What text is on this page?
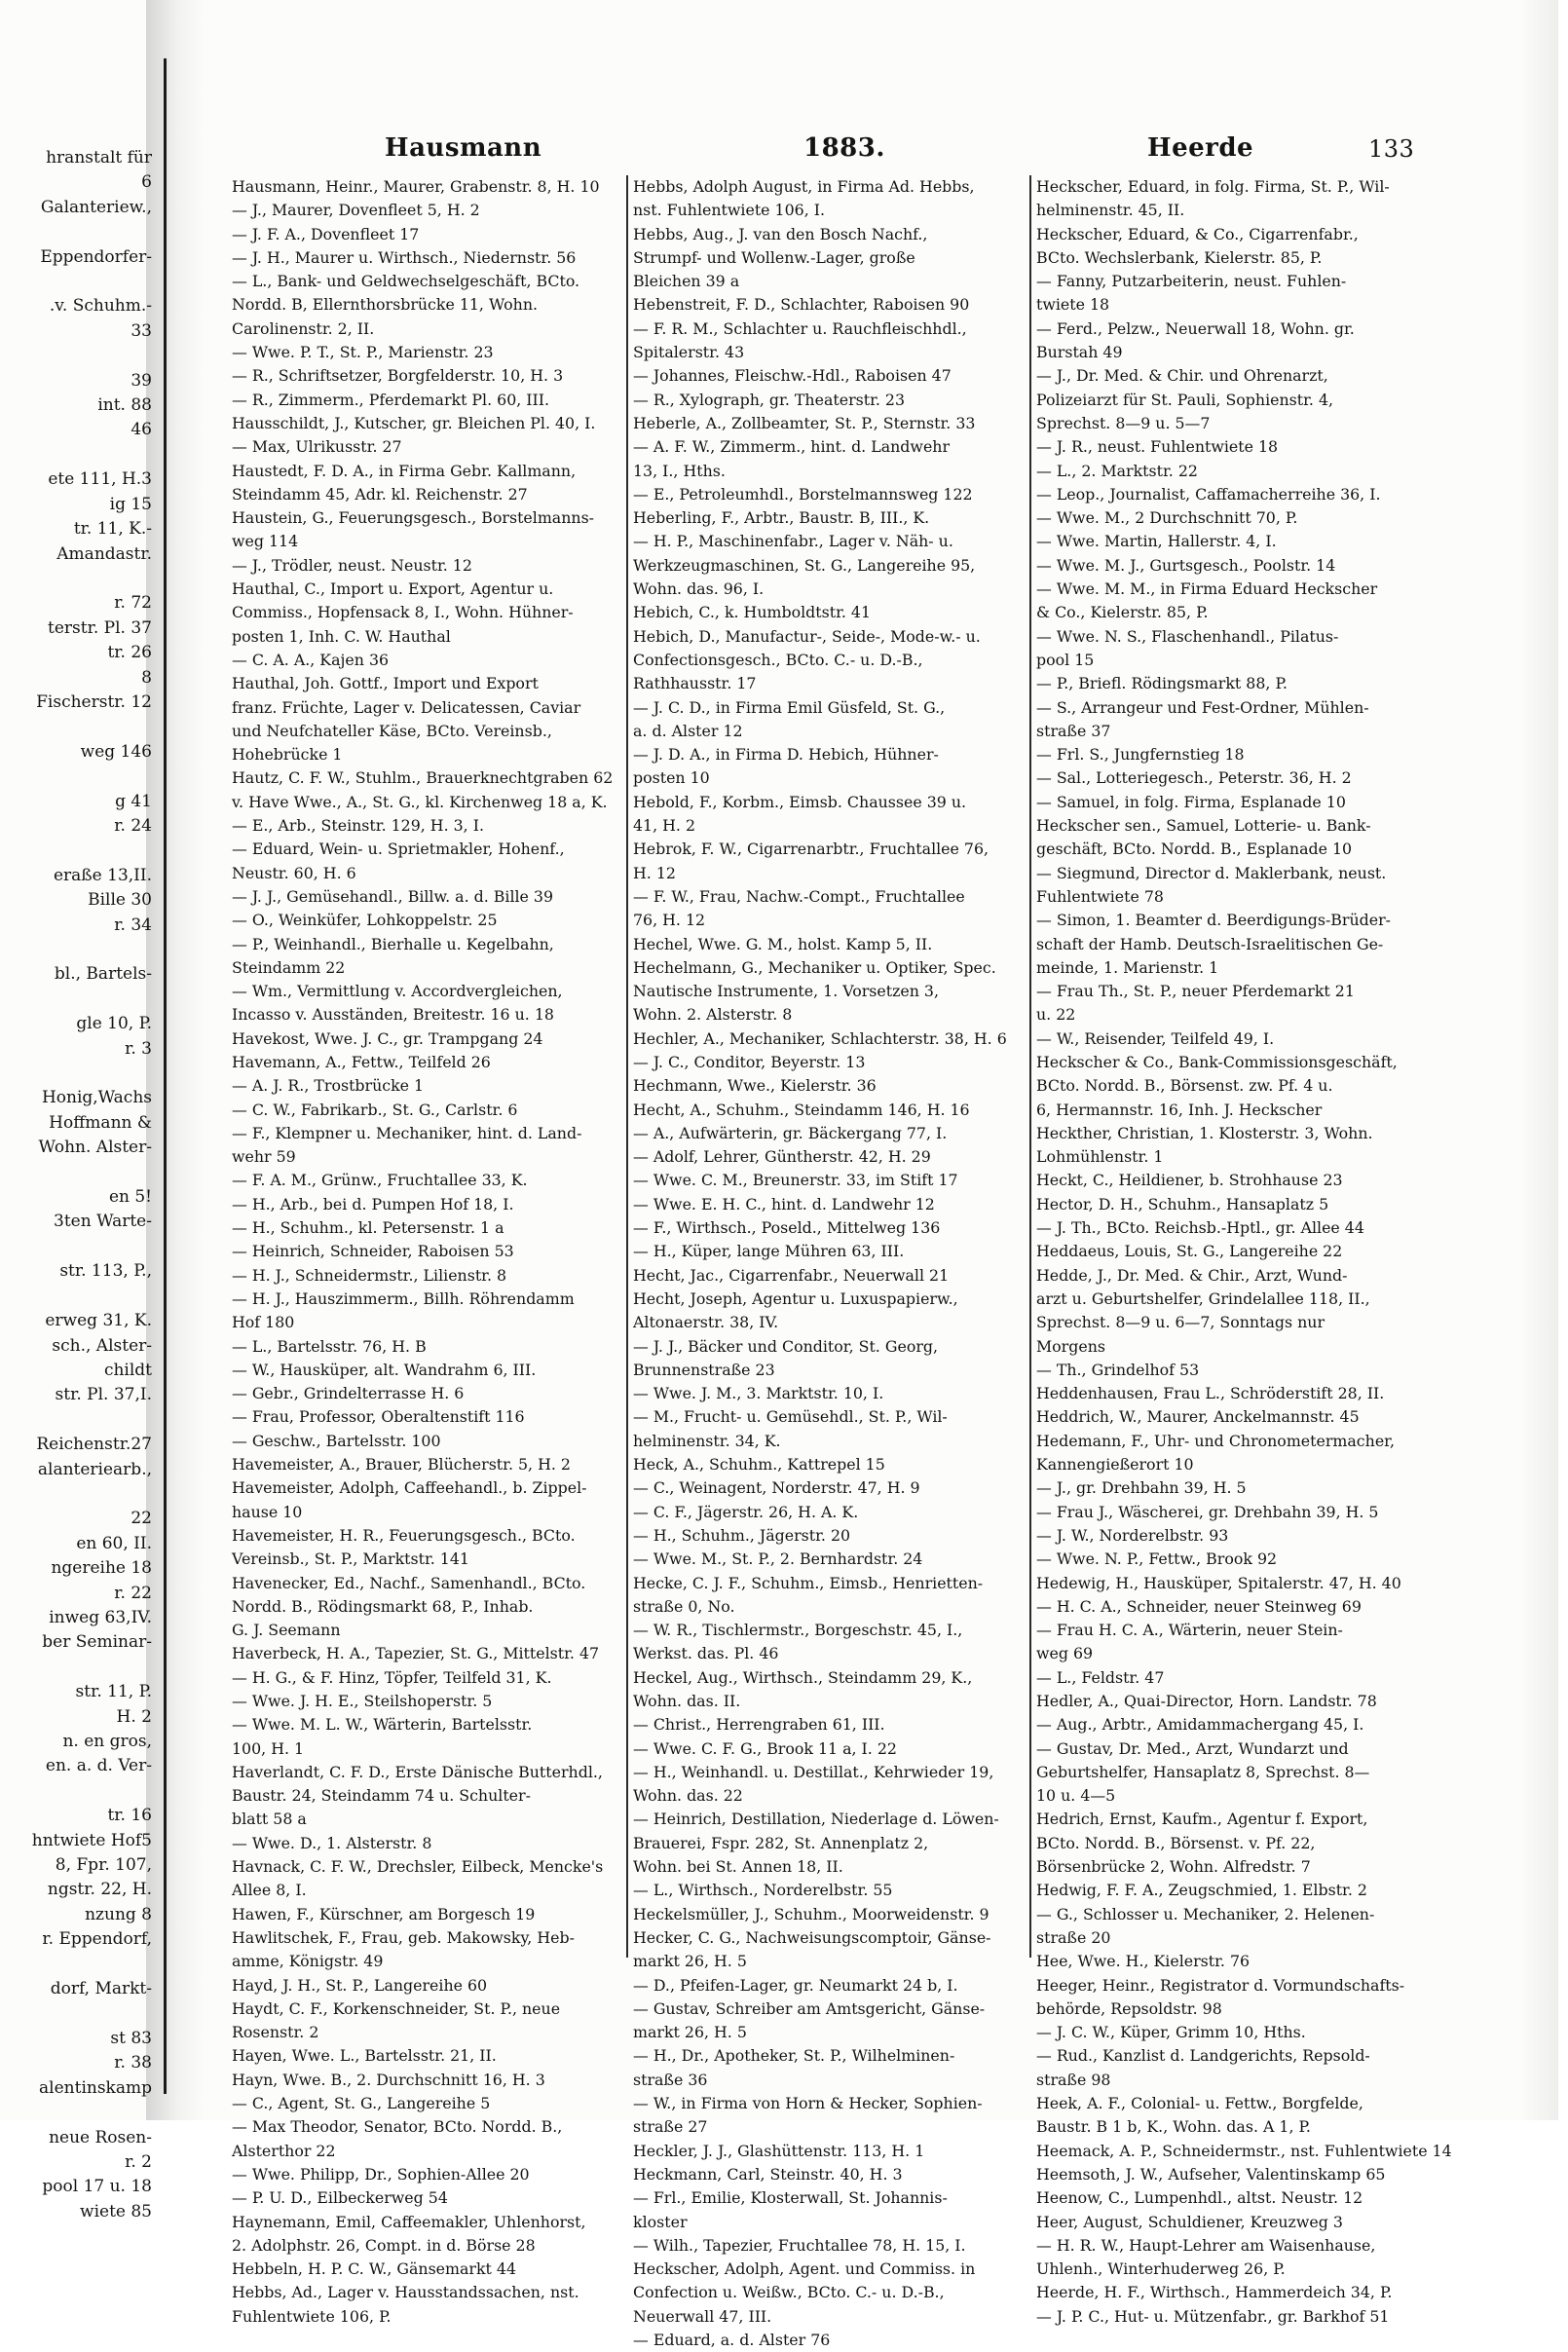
hranstalt für
6
Galanteriew.,

Eppendorfer-

.v. Schuhm.-
33

39
int. 88
46

ete 111, H.3
ig 15
tr. 11, K.-
Amandastr.

r. 72
terstr. Pl. 37
tr. 26
8
Fischerstr. 12

weg 146

g 41
r. 24

eraße 13,II.
Bille 30
r. 34

bl., Bartels-

gle 10, P.
r. 3

Honig,Wachs
Hoffmann &
Wohn. Alster-

en 5!
3ten Warte-

str. 113, P.,

erweg 31, K.
sch., Alster-
childt
str. Pl. 37,I.

Reichenstr.27
alanteriearb.,

22
en 60, II.
ngereihe 18
r. 22
inweg 63,IV.
ber Seminar-

str. 11, P.
H. 2
n. en gros,
en. a. d. Ver-

tr. 16
hntwiete Hof5
8, Fpr. 107,
ngstr. 22, H.
nzung 8
r. Eppendorf,

dorf, Markt-

st 83
r. 38
alentinskamp

neue Rosen-
r. 2
pool 17 u. 18
wiete 85
Hausmann	1883.	Heerde	133
Hausmann, Heinr., Maurer, Grabenstr. 8, H. 10
— J., Maurer, Dovenfleet 5, H. 2
— J. F. A., Dovenfleet 17
— J. H., Maurer u. Wirthsch., Niedernstr. 56
— L., Bank- und Geldwechselgeschäft, BCto.
Nordd. B, Ellernthorsbrücke 11, Wohn.
Carolinenstr. 2, II.
— Wwe. P. T., St. P., Marienstr. 23
— R., Schriftsetzer, Borgfelderstr. 10, H. 3
— R., Zimmerm., Pferdemarkt Pl. 60, III.
Hausschildt, J., Kutscher, gr. Bleichen Pl. 40, I.
— Max, Ulrikusstr. 27
Haustedt, F. D. A., in Firma Gebr. Kallmann,
Steindamm 45, Adr. kl. Reichenstr. 27
Haustein, G., Feuerungsgesch., Borstelmanns-
weg 114
— J., Trödler, neust. Neustr. 12
Hauthal, C., Import u. Export, Agentur u.
Commiss., Hopfensack 8, I., Wohn. Hühner-
posten 1, Inh. C. W. Hauthal
— C. A. A., Kajen 36
Hauthal, Joh. Gottf., Import und Export
franz. Früchte, Lager v. Delicatessen, Caviar
und Neufchateller Käse, BCto. Vereinsb.,
Hohebrücke 1
Hautz, C. F. W., Stuhlm., Brauerknechtgraben 62
v. Have Wwe., A., St. G., kl. Kirchenweg 18 a, K.
— E., Arb., Steinstr. 129, H. 3, I.
— Eduard, Wein- u. Sprietmakler, Hohenf.,
Neustr. 60, H. 6
— J. J., Gemüsehandl., Billw. a. d. Bille 39
— O., Weinküfer, Lohkoppelstr. 25
— P., Weinhandl., Bierhalle u. Kegelbahn,
Steindamm 22
— Wm., Vermittlung v. Accordvergleichen,
Incasso v. Ausständen, Breitestr. 16 u. 18
Havekost, Wwe. J. C., gr. Trampgang 24
Havemann, A., Fettw., Teilfeld 26
— A. J. R., Trostbrücke 1
— C. W., Fabrikarb., St. G., Carlstr. 6
— F., Klempner u. Mechaniker, hint. d. Land-
wehr 59
— F. A. M., Grünw., Fruchtallee 33, K.
— H., Arb., bei d. Pumpen Hof 18, I.
— H., Schuhm., kl. Petersenstr. 1 a
— Heinrich, Schneider, Raboisen 53
— H. J., Schneidermstr., Lilienstr. 8
— H. J., Hauszimmerm., Billh. Röhrendamm
Hof 180
— L., Bartelsstr. 76, H. B
— W., Hausküper, alt. Wandrahm 6, III.
— Gebr., Grindelterrasse H. 6
— Frau, Professor, Oberaltenstift 116
— Geschw., Bartelsstr. 100
Havemeister, A., Brauer, Blücherstr. 5, H. 2
Havemeister, Adolph, Caffeehandl., b. Zippel-
hause 10
Havemeister, H. R., Feuerungsgesch., BCto.
Vereinsb., St. P., Marktstr. 141
Havenecker, Ed., Nachf., Samenhandl., BCto.
Nordd. B., Rödingsmarkt 68, P., Inhab.
G. J. Seemann
Haverbeck, H. A., Tapezier, St. G., Mittelstr. 47
— H. G., & F. Hinz, Töpfer, Teilfeld 31, K.
— Wwe. J. H. E., Steilshoperstr. 5
— Wwe. M. L. W., Wärterin, Bartelsstr.
100, H. 1
Haverlandt, C. F. D., Erste Dänische Butterhdl.,
Baustr. 24, Steindamm 74 u. Schulter-
blatt 58 a
— Wwe. D., 1. Alsterstr. 8
Havnack, C. F. W., Drechsler, Eilbeck, Mencke's
Allee 8, I.
Hawen, F., Kürschner, am Borgesch 19
Hawlitschek, F., Frau, geb. Makowsky, Heb-
amme, Königstr. 49
Hayd, J. H., St. P., Langereihe 60
Haydt, C. F., Korkenschneider, St. P., neue
Rosenstr. 2
Hayen, Wwe. L., Bartelsstr. 21, II.
Hayn, Wwe. B., 2. Durchschnitt 16, H. 3
— C., Agent, St. G., Langereihe 5
— Max Theodor, Senator, BCto. Nordd. B.,
Alsterthor 22
— Wwe. Philipp, Dr., Sophien-Allee 20
— P. U. D., Eilbeckerweg 54
Haynemann, Emil, Caffeemakler, Uhlenhorst,
2. Adolphstr. 26, Compt. in d. Börse 28
Hebbeln, H. P. C. W., Gänsemarkt 44
Hebbs, Ad., Lager v. Hausstandssachen, nst.
Fuhlentwiete 106, P.
Hebbs, Adolph August, in Firma Ad. Hebbs,
nst. Fuhlentwiete 106, I.
Hebbs, Aug., J. van den Bosch Nachf.,
Strumpf- und Wollenw.-Lager, große
Bleichen 39 a
Hebenstreit, F. D., Schlachter, Raboisen 90
— F. R. M., Schlachter u. Rauchfleischhdl.,
Spitalerstr. 43
— Johannes, Fleischw.-Hdl., Raboisen 47
— R., Xylograph, gr. Theaterstr. 23
Heberle, A., Zollbeamter, St. P., Sternstr. 33
— A. F. W., Zimmerm., hint. d. Landwehr
13, I., Hths.
— E., Petroleumhdl., Borstelmannsweg 122
Heberling, F., Arbtr., Baustr. B, III., K.
— H. P., Maschinenfabr., Lager v. Näh- u.
Werkzeugmaschinen, St. G., Langereihe 95,
Wohn. das. 96, I.
Hebich, C., k. Humboldtstr. 41
Hebich, D., Manufactur-, Seide-, Mode-w.- u.
Confectionsgesch., BCto. C.- u. D.-B.,
Rathhausstr. 17
— J. C. D., in Firma Emil Güsfeld, St. G.,
a. d. Alster 12
— J. D. A., in Firma D. Hebich, Hühner-
posten 10
Hebold, F., Korbm., Eimsb. Chaussee 39 u.
41, H. 2
Hebrok, F. W., Cigarrenarbtr., Fruchtallee 76,
H. 12
— F. W., Frau, Nachw.-Compt., Fruchtallee
76, H. 12
Hechel, Wwe. G. M., holst. Kamp 5, II.
Hechelmann, G., Mechaniker u. Optiker, Spec.
Nautische Instrumente, 1. Vorsetzen 3,
Wohn. 2. Alsterstr. 8
Hechler, A., Mechaniker, Schlachterstr. 38, H. 6
— J. C., Conditor, Beyerstr. 13
Hechmann, Wwe., Kielerstr. 36
Hecht, A., Schuhm., Steindamm 146, H. 16
— A., Aufwärterin, gr. Bäckergang 77, I.
— Adolf, Lehrer, Güntherstr. 42, H. 29
— Wwe. C. M., Breunerstr. 33, im Stift 17
— Wwe. E. H. C., hint. d. Landwehr 12
— F., Wirthsch., Poseld., Mittelweg 136
— H., Küper, lange Mühren 63, III.
Hecht, Jac., Cigarrenfabr., Neuerwall 21
Hecht, Joseph, Agentur u. Luxuspapierw.,
Altonaerstr. 38, IV.
— J. J., Bäcker und Conditor, St. Georg,
Brunnenstraße 23
— Wwe. J. M., 3. Marktstr. 10, I.
— M., Frucht- u. Gemüsehdl., St. P., Wil-
helminenstr. 34, K.
Heck, A., Schuhm., Kattrepel 15
— C., Weinagent, Norderstr. 47, H. 9
— C. F., Jägerstr. 26, H. A. K.
— H., Schuhm., Jägerstr. 20
— Wwe. M., St. P., 2. Bernhardstr. 24
Hecke, C. J. F., Schuhm., Eimsb., Henrietten-
straße 0, No.
— W. R., Tischlermstr., Borgeschstr. 45, I.,
Werkst. das. Pl. 46
Heckel, Aug., Wirthsch., Steindamm 29, K.,
Wohn. das. II.
— Christ., Herrengraben 61, III.
— Wwe. C. F. G., Brook 11 a, I. 22
— H., Weinhandl. u. Destillat., Kehrwieder 19,
Wohn. das. 22
— Heinrich, Destillation, Niederlage d. Löwen-
Brauerei, Fspr. 282, St. Annenplatz 2,
Wohn. bei St. Annen 18, II.
— L., Wirthsch., Norderelbstr. 55
Heckelsmüller, J., Schuhm., Moorweidenstr. 9
Hecker, C. G., Nachweisungscomptoir, Gänse-
markt 26, H. 5
— D., Pfeifen-Lager, gr. Neumarkt 24 b, I.
— Gustav, Schreiber am Amtsgericht, Gänse-
markt 26, H. 5
— H., Dr., Apotheker, St. P., Wilhelminen-
straße 36
— W., in Firma von Horn & Hecker, Sophien-
straße 27
Heckler, J. J., Glashüttenstr. 113, H. 1
Heckmann, Carl, Steinstr. 40, H. 3
— Frl., Emilie, Klosterwall, St. Johannis-
kloster
— Wilh., Tapezier, Fruchtallee 78, H. 15, I.
Heckscher, Adolph, Agent. und Commiss. in
Confection u. Weißw., BCto. C.- u. D.-B.,
Neuerwall 47, III.
— Eduard, a. d. Alster 76
Heckscher, Eduard, in folg. Firma, St. P., Wil-
helminenstr. 45, II.
Heckscher, Eduard, & Co., Cigarrenfabr.,
BCto. Wechslerbank, Kielerstr. 85, P.
— Fanny, Putzarbeiterin, neust. Fuhlen-
twiete 18
— Ferd., Pelzw., Neuerwall 18, Wohn. gr.
Burstah 49
— J., Dr. Med. & Chir. und Ohrenarzt,
Polizeiarzt für St. Pauli, Sophienstr. 4,
Sprechst. 8—9 u. 5—7
— J. R., neust. Fuhlentwiete 18
— L., 2. Marktstr. 22
— Leop., Journalist, Caffamacherreihe 36, I.
— Wwe. M., 2 Durchschnitt 70, P.
— Wwe. Martin, Hallerstr. 4, I.
— Wwe. M. J., Gurtsgesch., Poolstr. 14
— Wwe. M. M., in Firma Eduard Heckscher
& Co., Kielerstr. 85, P.
— Wwe. N. S., Flaschenhandl., Pilatus-
pool 15
— P., Briefl. Rödingsmarkt 88, P.
— S., Arrangeur und Fest-Ordner, Mühlen-
straße 37
— Frl. S., Jungfernstieg 18
— Sal., Lotteriegesch., Peterstr. 36, H. 2
— Samuel, in folg. Firma, Esplanade 10
Heckscher sen., Samuel, Lotterie- u. Bank-
geschäft, BCto. Nordd. B., Esplanade 10
— Siegmund, Director d. Maklerbank, neust.
Fuhlentwiete 78
— Simon, 1. Beamter d. Beerdigungs-Brüder-
schaft der Hamb. Deutsch-Israelitischen Ge-
meinde, 1. Marienstr. 1
— Frau Th., St. P., neuer Pferdemarkt 21
u. 22
— W., Reisender, Teilfeld 49, I.
Heckscher & Co., Bank-Commissionsgeschäft,
BCto. Nordd. B., Börsenst. zw. Pf. 4 u.
6, Hermannstr. 16, Inh. J. Heckscher
Heckther, Christian, 1. Klosterstr. 3, Wohn.
Lohmühlenstr. 1
Heckt, C., Heildiener, b. Strohhause 23
Hector, D. H., Schuhm., Hansaplatz 5
— J. Th., BCto. Reichsb.-Hptl., gr. Allee 44
Heddaeus, Louis, St. G., Langereihe 22
Hedde, J., Dr. Med. & Chir., Arzt, Wund-
arzt u. Geburtshelfer, Grindelallee 118, II.,
Sprechst. 8—9 u. 6—7, Sonntags nur
Morgens
— Th., Grindelhof 53
Heddenhausen, Frau L., Schröderstift 28, II.
Heddrich, W., Maurer, Anckelmannstr. 45
Hedemann, F., Uhr- und Chronometermacher,
Kannengießerort 10
— J., gr. Drehbahn 39, H. 5
— Frau J., Wäscherei, gr. Drehbahn 39, H. 5
— J. W., Norderelbstr. 93
— Wwe. N. P., Fettw., Brook 92
Hedewig, H., Hausküper, Spitalerstr. 47, H. 40
— H. C. A., Schneider, neuer Steinweg 69
— Frau H. C. A., Wärterin, neuer Stein-
weg 69
— L., Feldstr. 47
Hedler, A., Quai-Director, Horn. Landstr. 78
— Aug., Arbtr., Amidammachergang 45, I.
— Gustav, Dr. Med., Arzt, Wundarzt und
Geburtshelfer, Hansaplatz 8, Sprechst. 8—
10 u. 4—5
Hedrich, Ernst, Kaufm., Agentur f. Export,
BCto. Nordd. B., Börsenst. v. Pf. 22,
Börsenbrücke 2, Wohn. Alfredstr. 7
Hedwig, F. F. A., Zeugschmied, 1. Elbstr. 2
— G., Schlosser u. Mechaniker, 2. Helenen-
straße 20
Hee, Wwe. H., Kielerstr. 76
Heeger, Heinr., Registrator d. Vormundschafts-
behörde, Repsoldstr. 98
— J. C. W., Küper, Grimm 10, Hths.
— Rud., Kanzlist d. Landgerichts, Repsold-
straße 98
Heek, A. F., Colonial- u. Fettw., Borgfelde,
Baustr. B 1 b, K., Wohn. das. A 1, P.
Heemack, A. P., Schneidermstr., nst. Fuhlentwiete 14
Heemsoth, J. W., Aufseher, Valentinskamp 65
Heenow, C., Lumpenhdl., altst. Neustr. 12
Heer, August, Schuldiener, Kreuzweg 3
— H. R. W., Haupt-Lehrer am Waisenhause,
Uhlenh., Winterhuderweg 26, P.
Heerde, H. F., Wirthsch., Hammerdeich 34, P.
— J. P. C., Hut- u. Mützenfabr., gr. Barkhof 51
